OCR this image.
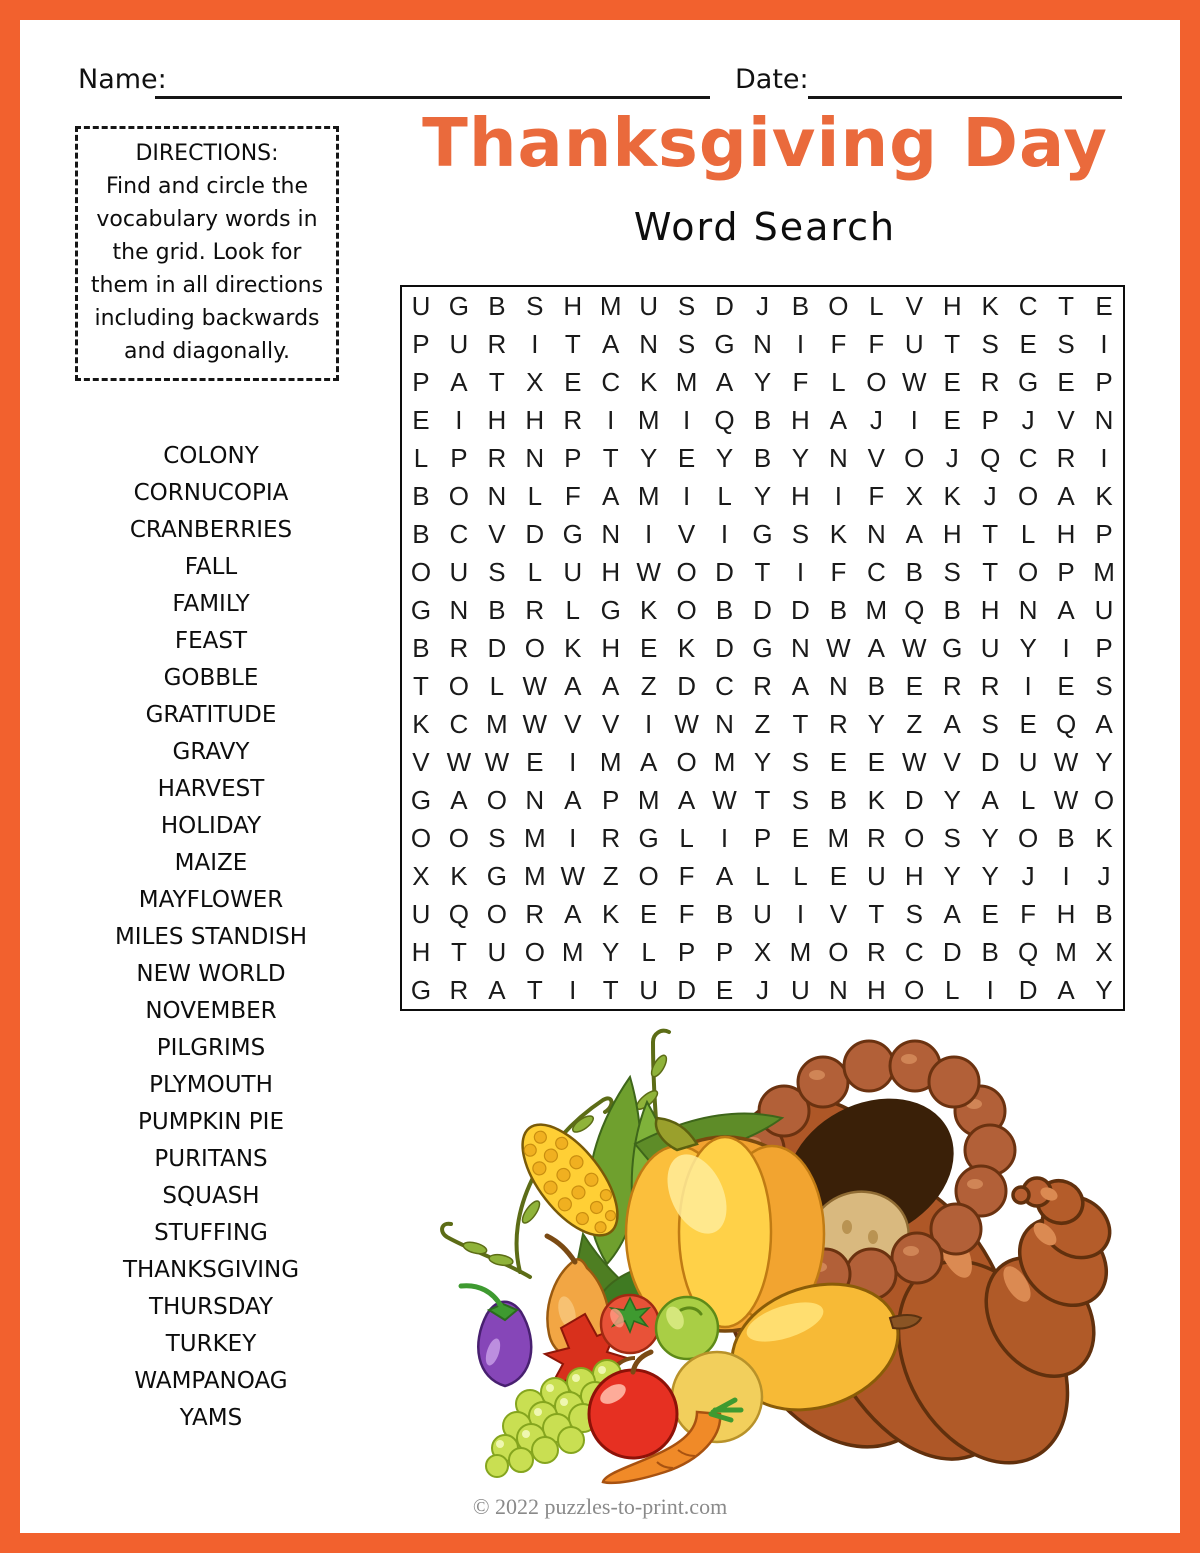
Name:	Date:
Thanksgiving Day
Word Search
DIRECTIONS:
Find and circle the vocabulary words in the grid. Look for them in all directions including backwards and diagonally.
U G B S H M U S D J B O L V H K C T E
P U R I	T A N S G N I	F F U T S E S I
P A T X E C K M A Y F L O W E R G E P
E I H H R I M I Q B H A J	I E P J V N
L P R N P T Y E Y B Y N V O J Q C R I
B O N L F A M I	L Y H I	F X K J O A K
B C V D G N I V I G S K N A H T L H P
O U S L U H W O D T	I	F C B S T O P M
G N B R L G K O B D D B M Q B H N A U
B R D O K H E K D G N W A W G U Y I P
T O L W A A Z D C R A N B E R R I E S
K C M W V V I W N Z T R Y Z A S E Q A
V W W E I M A O M Y S E E W V D U W Y
G A O N A P M A W T S B K D Y A L W O
O O S M I R G L	I P E M R O S Y O B K
X K G M W Z O F A L L E U H Y Y J	I	J
U Q O R A K E F B U I V T S A E F H B
H T U O M Y L P P X M O R C D B Q M X
G R A T	I	T U D E J U N H O L	I D A Y
COLONY
CORNUCOPIA
CRANBERRIES
FALL
FAMILY
FEAST
GOBBLE
GRATITUDE
GRAVY
HARVEST
HOLIDAY
MAIZE
MAYFLOWER
MILES STANDISH
NEW WORLD
NOVEMBER
PILGRIMS
PLYMOUTH
PUMPKIN PIE
PURITANS
SQUASH
STUFFING
THANKSGIVING
THURSDAY
TURKEY
WAMPANOAG
YAMS
© 2022 puzzles-to-print.com
